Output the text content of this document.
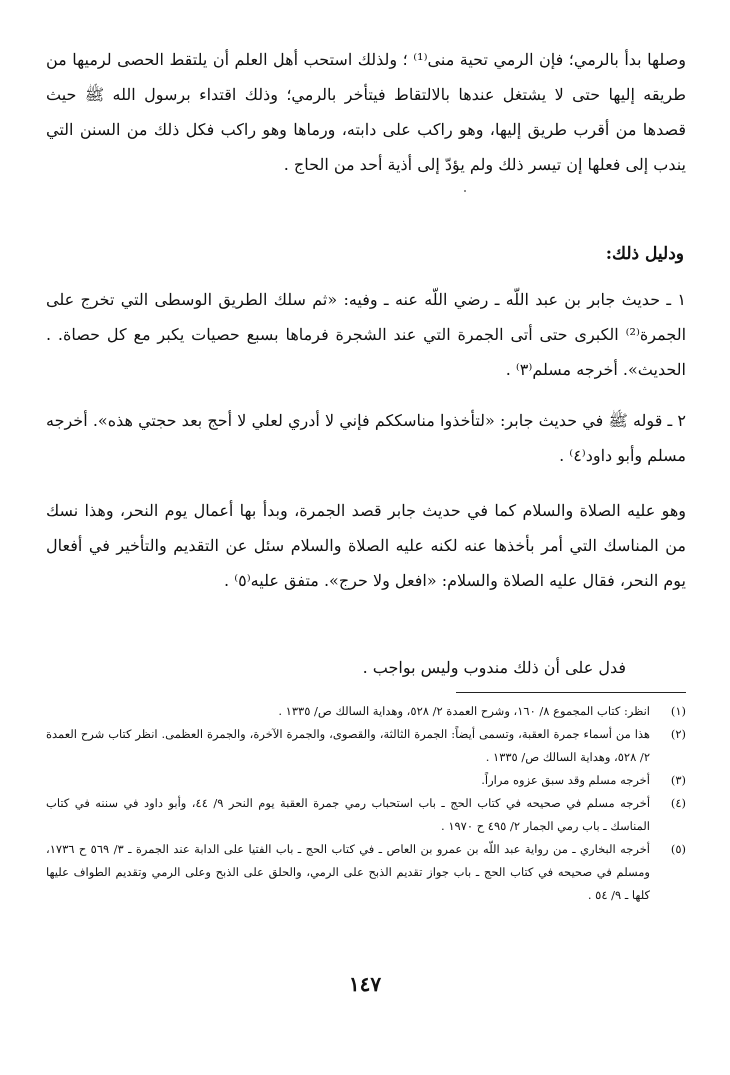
وصلها بدأ بالرمي؛ فإن الرمي تحية منى⁽¹⁾ ؛ ولذلك استحب أهل العلم أن يلتقط الحصى لرميها من طريقه إليها حتى لا يشتغل عندها بالالتقاط فيتأخر بالرمي؛ وذلك اقتداء برسول الله ﷺ حيث قصدها من أقرب طريق إليها، وهو راكب على دابته، ورماها وهو راكب فكل ذلك من السنن التي يندب إلى فعلها إن تيسر ذلك ولم يؤدّ إلى أذية أحد من الحاج .

ودليل ذلك:

١ ـ حديث جابر بن عبد اللّه ـ رضي اللّه عنه ـ وفيه: «ثم سلك الطريق الوسطى التي تخرج على الجمرة⁽²⁾ الكبرى حتى أتى الجمرة التي عند الشجرة فرماها بسبع حصيات يكبر مع كل حصاة. . الحديث». أخرجه مسلم⁽٣⁾ .

٢ ـ قوله ﷺ في حديث جابر: «لتأخذوا مناسككم فإني لا أدري لعلي لا أحج بعد حجتي هذه». أخرجه مسلم وأبو داود⁽٤⁾ .

وهو عليه الصلاة والسلام كما في حديث جابر قصد الجمرة، وبدأ بها أعمال يوم النحر، وهذا نسك من المناسك التي أمر بأخذها عنه لكنه عليه الصلاة والسلام سئل عن التقديم والتأخير في أفعال يوم النحر، فقال عليه الصلاة والسلام: «افعل ولا حرج». متفق عليه⁽٥⁾ .

فدل على أن ذلك مندوب وليس بواجب .

(١)
انظر: كتاب المجموع ٨/ ١٦٠، وشرح العمدة ٢/ ٥٢٨، وهداية السالك ص/ ١٣٣٥ .
(٢)
هذا من أسماء جمرة العقبة، وتسمى أيضاً: الجمرة الثالثة، والقصوى، والجمرة الآخرة، والجمرة العظمى. انظر كتاب شرح العمدة ٢/ ٥٢٨، وهداية السالك ص/ ١٣٣٥ .
(٣)
أخرجه مسلم وقد سبق عزوه مراراً.
(٤)
أخرجه مسلم في صحيحه في كتاب الحج ـ باب استحباب رمي جمرة العقبة يوم النحر ٩/ ٤٤، وأبو داود في سننه في كتاب المناسك ـ باب رمي الجمار ٢/ ٤٩٥ ح ١٩٧٠ .
(٥)
أخرجه البخاري ـ من رواية عبد اللّه بن عمرو بن العاص ـ في كتاب الحج ـ باب الفتيا على الدابة عند الجمرة ـ ٣/ ٥٦٩ ح ١٧٣٦، ومسلم في صحيحه في كتاب الحج ـ باب جواز تقديم الذبح على الرمي، والحلق على الذبح وعلى الرمي وتقديم الطواف عليها كلها ـ ٩/ ٥٤ .
١٤٧
